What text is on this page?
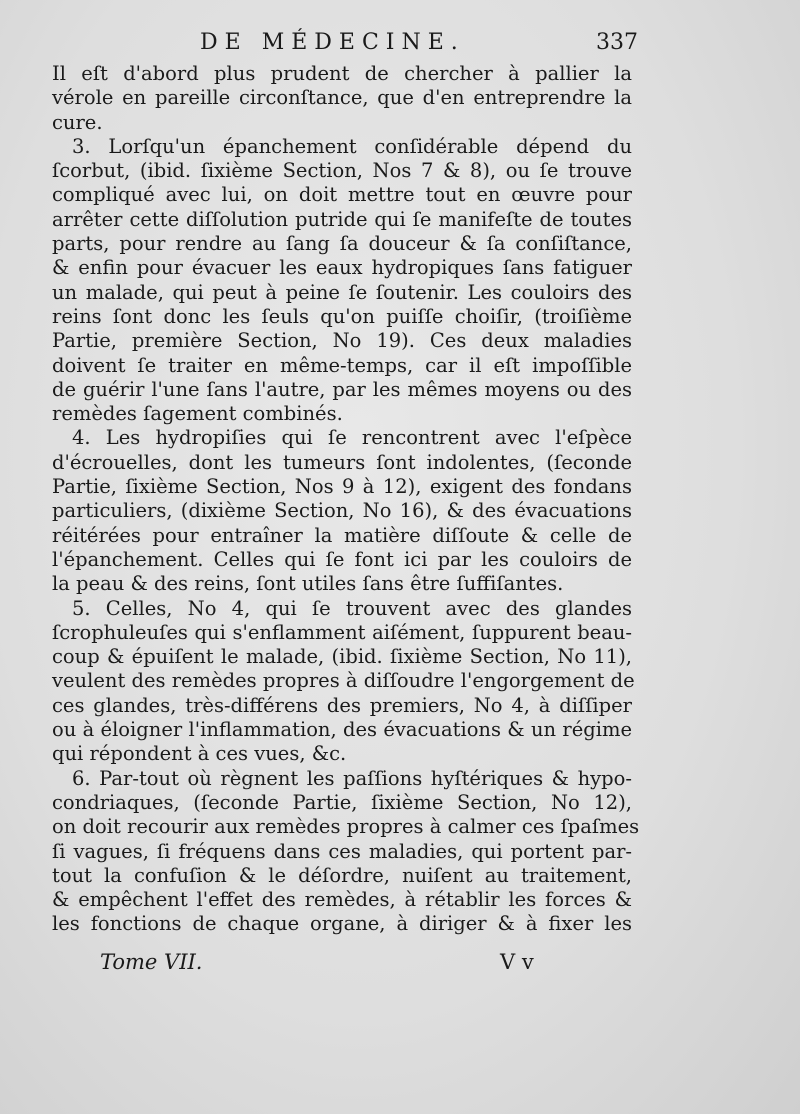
DE MÉDECINE.	337
Il eſt d'abord plus prudent de chercher à pallier la
vérole en pareille circonſtance, que d'en entreprendre la
cure.
3. Lorſqu'un épanchement conſidérable dépend du
ſcorbut, (ibid. ſixième Section, Nos 7 & 8), ou ſe trouve
compliqué avec lui, on doit mettre tout en œuvre pour
arrêter cette diſſolution putride qui ſe manifeſte de toutes
parts, pour rendre au ſang ſa douceur & ſa conſiſtance,
& enfin pour évacuer les eaux hydropiques ſans fatiguer
un malade, qui peut à peine ſe ſoutenir. Les couloirs des
reins ſont donc les ſeuls qu'on puiſſe choiſir, (troiſième
Partie, première Section, No 19). Ces deux maladies
doivent ſe traiter en même-temps, car il eſt impoſſible
de guérir l'une ſans l'autre, par les mêmes moyens ou des
remèdes ſagement combinés.
4. Les hydropiſies qui ſe rencontrent avec l'eſpèce
d'écrouelles, dont les tumeurs ſont indolentes, (ſeconde
Partie, ſixième Section, Nos 9 à 12), exigent des fondans
particuliers, (dixième Section, No 16), & des évacuations
réitérées pour entraîner la matière diſſoute & celle de
l'épanchement. Celles qui ſe font ici par les couloirs de
la peau & des reins, ſont utiles ſans être ſuffiſantes.
5. Celles, No 4, qui ſe trouvent avec des glandes
ſcrophuleuſes qui s'enflamment aiſément, ſuppurent beau-
coup & épuiſent le malade, (ibid. ſixième Section, No 11),
veulent des remèdes propres à diſſoudre l'engorgement de
ces glandes, très-différens des premiers, No 4, à diſſiper
ou à éloigner l'inflammation, des évacuations & un régime
qui répondent à ces vues, &c.
6. Par-tout où règnent les paſſions hyſtériques & hypo-
condriaques, (ſeconde Partie, ſixième Section, No 12),
on doit recourir aux remèdes propres à calmer ces ſpaſmes
ſi vagues, ſi fréquens dans ces maladies, qui portent par-
tout la confuſion & le déſordre, nuiſent au traitement,
& empêchent l'effet des remèdes, à rétablir les forces &
les fonctions de chaque organe, à diriger & à fixer les
Tome VII.	V v
